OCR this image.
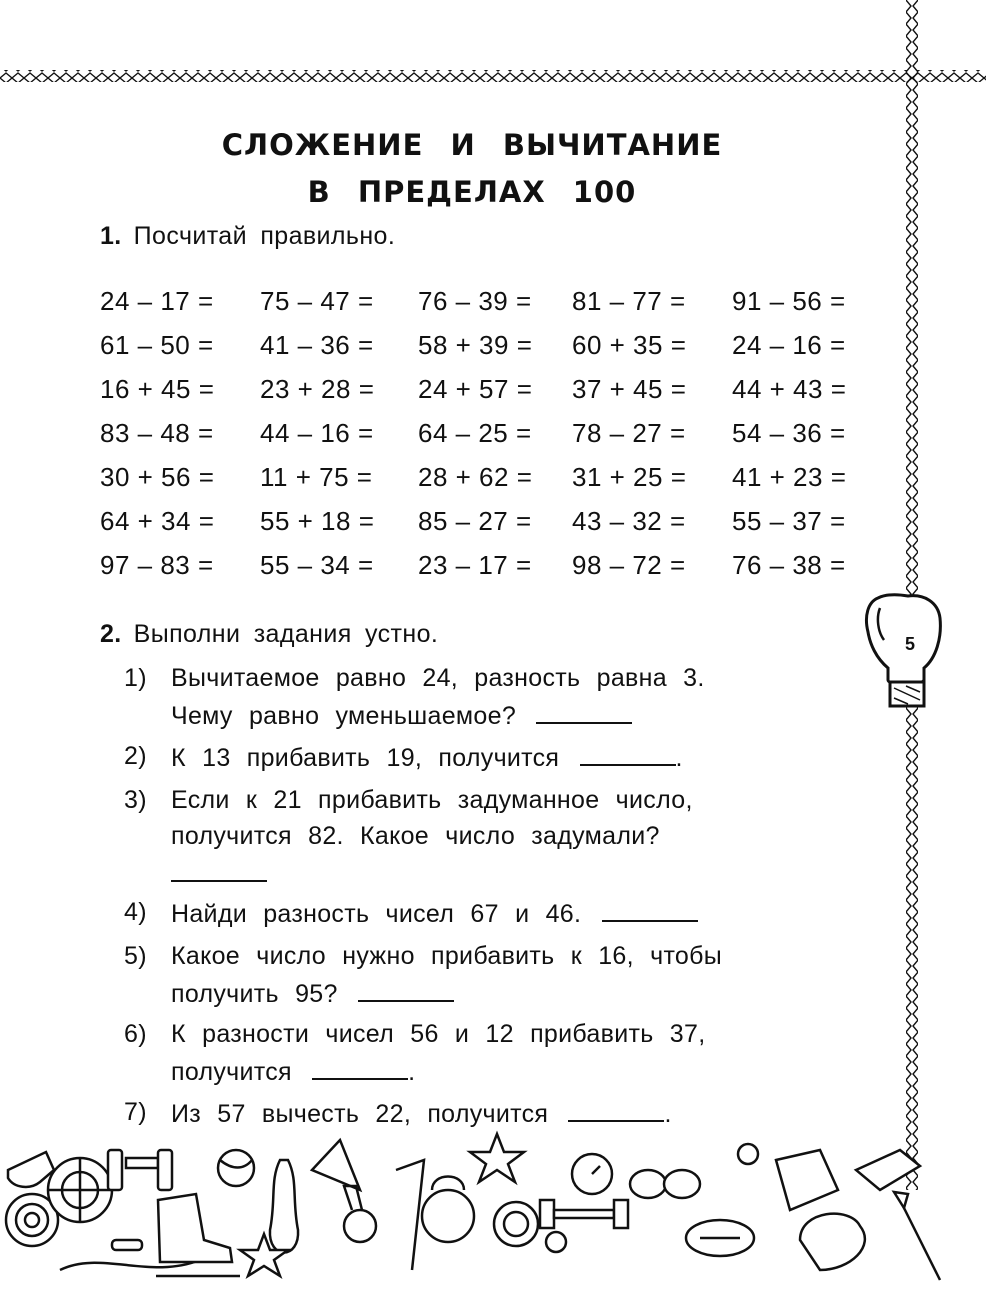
СЛОЖЕНИЕ И ВЫЧИТАНИЕ
В ПРЕДЕЛАХ 100
1. Посчитай правильно.
24 – 17 = 75 – 47 = 76 – 39 = 81 – 77 = 91 – 56 =
61 – 50 = 41 – 36 = 58 + 39 = 60 + 35 = 24 – 16 =
16 + 45 = 23 + 28 = 24 + 57 = 37 + 45 = 44 + 43 =
83 – 48 = 44 – 16 = 64 – 25 = 78 – 27 = 54 – 36 =
30 + 56 = 11 + 75 = 28 + 62 = 31 + 25 = 41 + 23 =
64 + 34 = 55 + 18 = 85 – 27 = 43 – 32 = 55 – 37 =
97 – 83 = 55 – 34 = 23 – 17 = 98 – 72 = 76 – 38 =
2. Выполни задания устно.
1) Вычитаемое равно 24, разность равна 3.
Чему равно уменьшаемое?
2) К 13 прибавить 19, получится	.
3) Если к 21 прибавить задуманное число,
получится 82. Какое число задумали?
4) Найди разность чисел 67 и 46.
5) Какое число нужно прибавить к 16, чтобы
получить 95?
6) К разности чисел 56 и 12 прибавить 37,
получится	.
7) Из 57 вычесть 22, получится	.
5
